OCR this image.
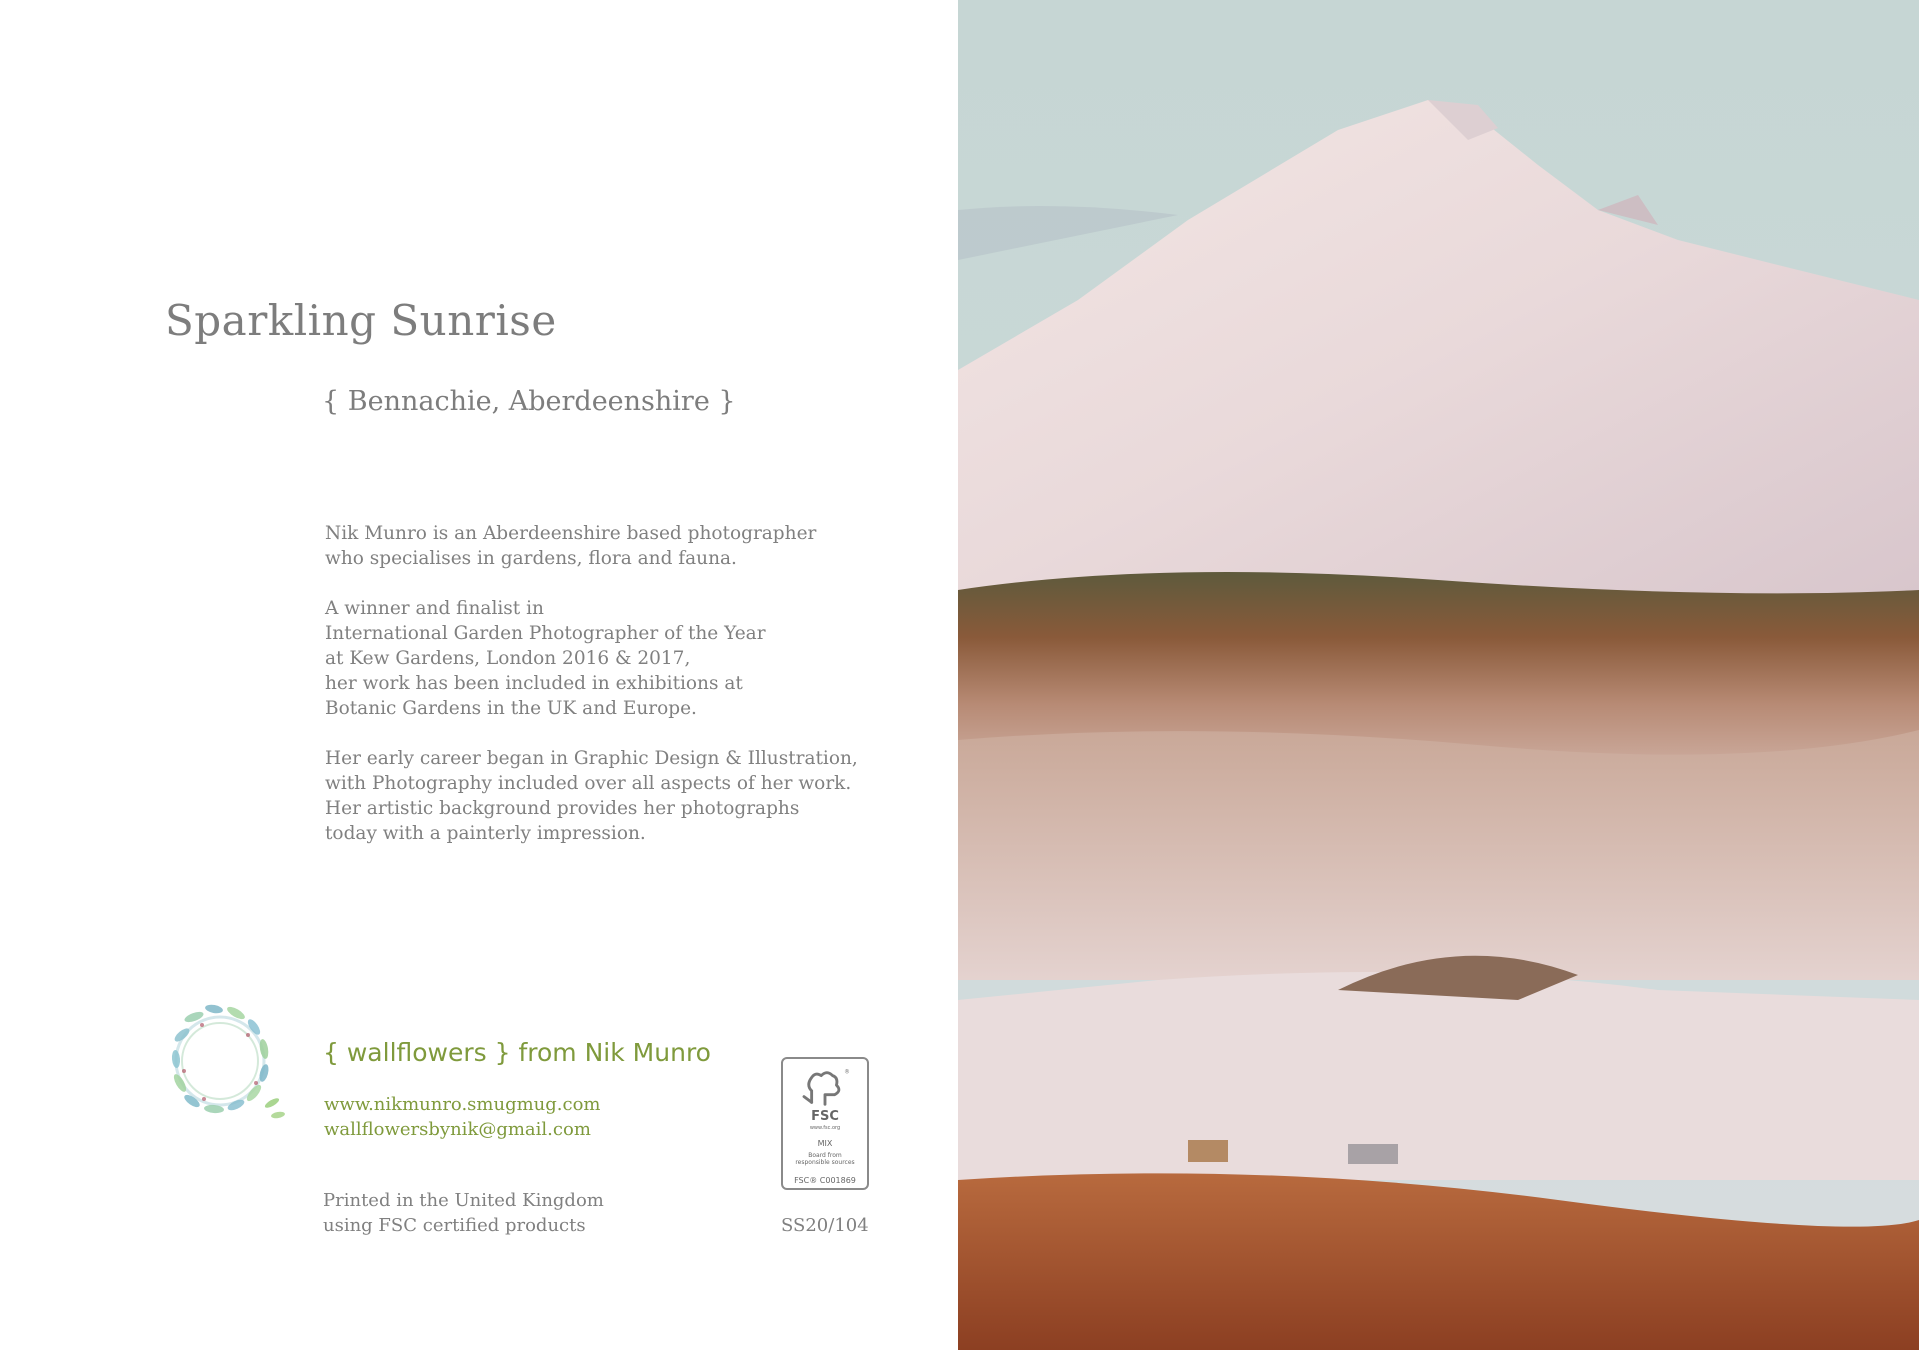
Sparkling Sunrise

{ Bennachie, Aberdeenshire }

Nik Munro is an Aberdeenshire based photographer
who specialises in gardens, flora and fauna.

A winner and finalist in
International Garden Photographer of the Year
at Kew Gardens, London 2016 & 2017,
her work has been included in exhibitions at
Botanic Gardens in the UK and Europe.

Her early career began in Graphic Design & Illustration,
with Photography included over all aspects of her work.
Her artistic background provides her photographs
today with a painterly impression.

{ wallflowers } from Nik Munro

www.nikmunro.smugmug.com
wallflowersbynik@gmail.com
Printed in the United Kingdom
using FSC certified products
®
FSC
www.fsc.org
MIX
Board from
responsible sources
FSC® C001869
SS20/104
